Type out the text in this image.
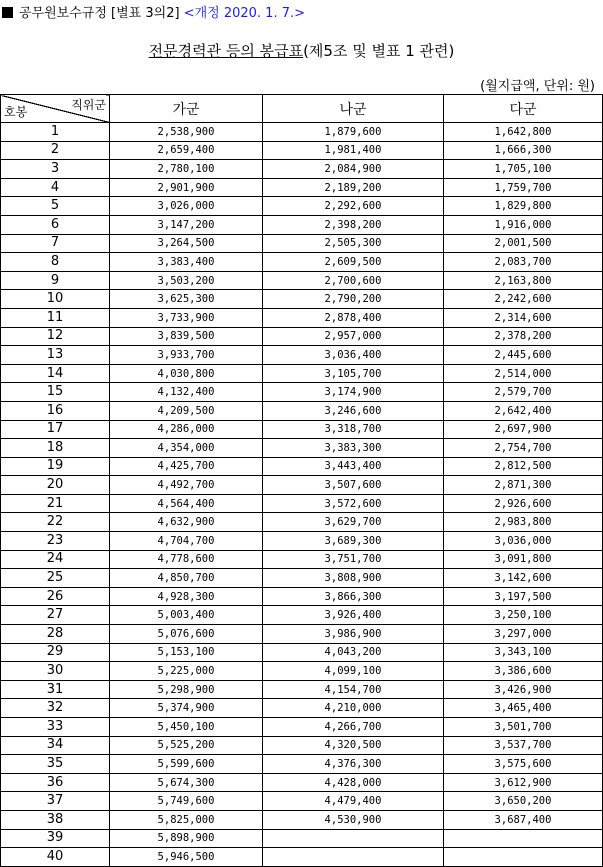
공무원보수규정 [별표 3의2] <개정 2020. 1. 7.>
전문경력관 등의 봉급표(제5조 및 별표 1 관련)
(월지급액, 단위: 원)
직위군
호봉	가군	나군	다군
1	2,538,900	1,879,600	1,642,800
2	2,659,400	1,981,400	1,666,300
3	2,780,100	2,084,900	1,705,100
4	2,901,900	2,189,200	1,759,700
5	3,026,000	2,292,600	1,829,800
6	3,147,200	2,398,200	1,916,000
7	3,264,500	2,505,300	2,001,500
8	3,383,400	2,609,500	2,083,700
9	3,503,200	2,700,600	2,163,800
10	3,625,300	2,790,200	2,242,600
11	3,733,900	2,878,400	2,314,600
12	3,839,500	2,957,000	2,378,200
13	3,933,700	3,036,400	2,445,600
14	4,030,800	3,105,700	2,514,000
15	4,132,400	3,174,900	2,579,700
16	4,209,500	3,246,600	2,642,400
17	4,286,000	3,318,700	2,697,900
18	4,354,000	3,383,300	2,754,700
19	4,425,700	3,443,400	2,812,500
20	4,492,700	3,507,600	2,871,300
21	4,564,400	3,572,600	2,926,600
22	4,632,900	3,629,700	2,983,800
23	4,704,700	3,689,300	3,036,000
24	4,778,600	3,751,700	3,091,800
25	4,850,700	3,808,900	3,142,600
26	4,928,300	3,866,300	3,197,500
27	5,003,400	3,926,400	3,250,100
28	5,076,600	3,986,900	3,297,000
29	5,153,100	4,043,200	3,343,100
30	5,225,000	4,099,100	3,386,600
31	5,298,900	4,154,700	3,426,900
32	5,374,900	4,210,000	3,465,400
33	5,450,100	4,266,700	3,501,700
34	5,525,200	4,320,500	3,537,700
35	5,599,600	4,376,300	3,575,600
36	5,674,300	4,428,000	3,612,900
37	5,749,600	4,479,400	3,650,200
38	5,825,000	4,530,900	3,687,400
39	5,898,900		
40	5,946,500		
